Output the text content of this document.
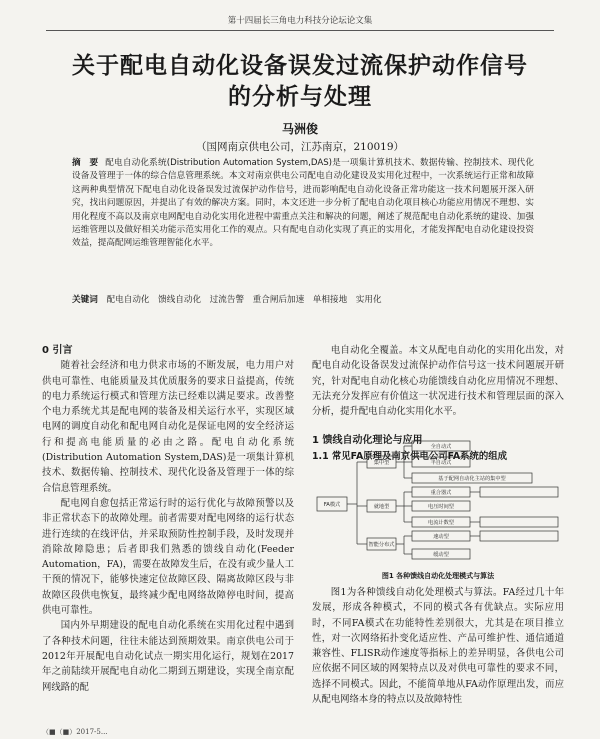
第十四届长三角电力科技分论坛论文集
关于配电自动化设备误发过流保护动作信号
的分析与处理
马洲俊
（国网南京供电公司，江苏南京，210019）
摘　要 配电自动化系统(Distribution Automation System,DAS)是一项集计算机技术、数据传输、控制技术、现代化设备及管理于一体的综合信息管理系统。本文对南京供电公司配电自动化建设及实用化过程中，一次系统运行正常和故障这两种典型情况下配电自动化设备误发过流保护动作信号，进而影响配电自动化设备正常功能这一技术问题展开深入研究，找出问题原因，并提出了有效的解决方案。同时，本文还进一步分析了配电自动化项目核心功能应用情况不理想、实用化程度不高以及南京电网配电自动化实用化进程中需重点关注和解决的问题，阐述了规范配电自动化系统的建设、加强运维管理以及做好相关功能示范实用化工作的观点。只有配电自动化实现了真正的实用化，才能发挥配电自动化建设投资效益，提高配网运维管理智能化水平。
关键词 配电自动化　馈线自动化　过流告警　重合闸后加速　单相接地　实用化

0 引言

随着社会经济和电力供求市场的不断发展，电力用户对供电可靠性、电能质量及其优质服务的要求日益提高，传统的电力系统运行模式和管理方法已经难以满足要求。改善整个电力系统尤其是配电网的装备及相关运行水平，实现区域电网的调度自动化和配电网自动化是保证电网的安全经济运行和提高电能质量的必由之路。配电自动化系统(Distribution Automation System,DAS)是一项集计算机技术、数据传输、控制技术、现代化设备及管理于一体的综合信息管理系统。

配电网自愈包括正常运行时的运行优化与故障预警以及非正常状态下的故障处理。前者需要对配电网络的运行状态进行连续的在线评估，并采取预防性控制手段，及时发现并消除故障隐患；后者即我们熟悉的馈线自动化(Feeder Automation，FA)，需要在故障发生后，在没有或少量人工干预的情况下，能够快速定位故障区段、隔离故障区段与非故障区段供电恢复，最终减少配电网络故障停电时间，提高供电可靠性。

国内外早期建设的配电自动化系统在实用化过程中遇到了各种技术问题，往往未能达到预期效果。南京供电公司于2012年开展配电自动化试点一期实用化运行，规划在2017年之前陆续开展配电自动化二期到五期建设，实现全南京配网线路的配

电自动化全覆盖。本文从配电自动化的实用化出发，对配电自动化设备误发过流保护动作信号这一技术问题展开研究，针对配电自动化核心功能馈线自动化应用情况不理想、无法充分发挥应有价值这一状况进行技术和管理层面的深入分析，提升配电自动化实用化水平。

1 馈线自动化理论与应用

1.1 常见FA原理及南京供电公司FA系统的组成

FA模式
集中型
就地型
智能分布式
全自动式
半自动式
基于配网自动化主站的集中型
重合器式
电压时间型
电流计数型
速动型
缓动型
图1 各种馈线自动化处理模式与算法

图1为各种馈线自动化处理模式与算法。FA经过几十年发展，形成各种模式，不同的模式各有优缺点。实际应用时，不同FA模式在功能特性差别很大，尤其是在项目推立性，对一次网络拓扑变化适应性、产品可维护性、通信通道兼容性、FLISR动作速度等指标上的差异明显，各供电公司应依据不同区域的网架特点以及对供电可靠性的要求不同，选择不同模式。因此，不能简单地从FA动作原理出发，而应从配电网络本身的特点以及故障特性

（■（■）2017-5...
